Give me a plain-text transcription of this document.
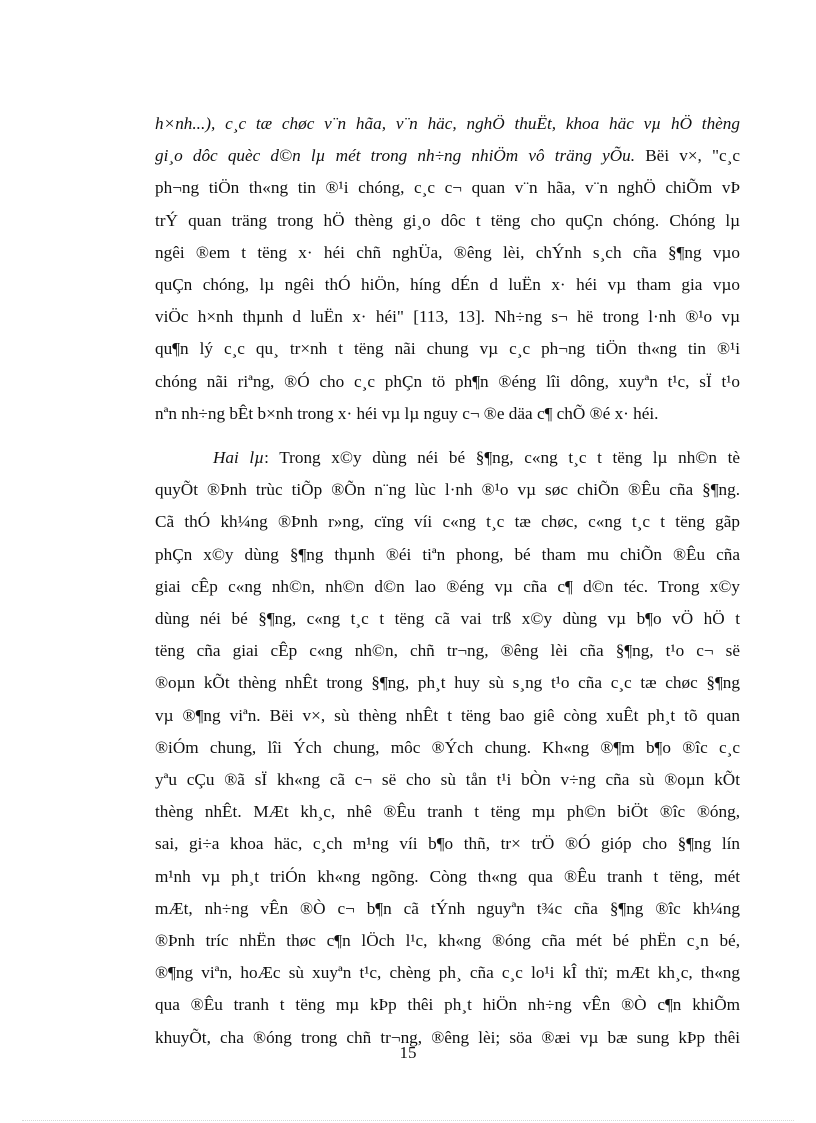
h×nh...), c¸c tæ chøc v¨n hãa, v¨n häc, nghÖ thuËt, khoa häc vµ hÖ thèng
gi¸o dôc quèc d©n lµ mét trong nh÷ng nhiÖm vô träng yÕu. Bëi v×, "c¸c
ph¬ng tiÖn th«ng tin ®¹i chóng, c¸c c¬ quan v¨n hãa, v¨n nghÖ chiÕm vÞ
trÝ quan träng trong hÖ thèng gi¸o dôc t tëng cho quÇn chóng. Chóng lµ
ngêi ®em t tëng x· héi chñ nghÜa, ®êng lèi, chÝnh s¸ch cña §¶ng vµo
quÇn chóng, lµ ngêi thÓ hiÖn, híng dÉn d luËn x· héi vµ tham gia vµo
viÖc h×nh thµnh d luËn x· héi" [113, 13]. Nh÷ng s¬ hë trong l·nh ®¹o vµ
qu¶n lý c¸c qu¸ tr×nh t tëng nãi chung vµ c¸c ph¬ng tiÖn th«ng tin ®¹i
chóng nãi riªng, ®Ó cho c¸c phÇn tö ph¶n ®éng lîi dông, xuyªn t¹c, sÏ t¹o
nªn nh÷ng bÊt b×nh trong x· héi vµ lµ nguy c¬ ®e däa c¶ chÕ ®é x· héi.

Hai lµ: Trong x©y dùng néi bé §¶ng, c«ng t¸c t tëng lµ nh©n tè
quyÕt ®Þnh trùc tiÕp ®Õn n¨ng lùc l·nh ®¹o vµ søc chiÕn ®Êu cña §¶ng.
Cã thÓ kh¼ng ®Þnh r»ng, cïng víi c«ng t¸c tæ chøc, c«ng t¸c t tëng gãp
phÇn x©y dùng §¶ng thµnh ®éi tiªn phong, bé tham mu chiÕn ®Êu cña
giai cÊp c«ng nh©n, nh©n d©n lao ®éng vµ cña c¶ d©n téc. Trong x©y
dùng néi bé §¶ng, c«ng t¸c t tëng cã vai trß x©y dùng vµ b¶o vÖ hÖ t
tëng cña giai cÊp c«ng nh©n, chñ tr¬ng, ®êng lèi cña §¶ng, t¹o c¬ së
®oµn kÕt thèng nhÊt trong §¶ng, ph¸t huy sù s¸ng t¹o cña c¸c tæ chøc §¶ng
vµ ®¶ng viªn. Bëi v×, sù thèng nhÊt t tëng bao giê còng xuÊt ph¸t tõ quan
®iÓm chung, lîi Ých chung, môc ®Ých chung. Kh«ng ®¶m b¶o ®îc c¸c
yªu cÇu ®ã sÏ kh«ng cã c¬ së cho sù tån t¹i bÒn v÷ng cña sù ®oµn kÕt
thèng nhÊt. MÆt kh¸c, nhê ®Êu tranh t tëng mµ ph©n biÖt ®îc ®óng,
sai, gi÷a khoa häc, c¸ch m¹ng víi b¶o thñ, tr× trÖ ®Ó gióp cho §¶ng lín
m¹nh vµ ph¸t triÓn kh«ng ngõng. Còng th«ng qua ®Êu tranh t tëng, mét
mÆt, nh÷ng vÊn ®Ò c¬ b¶n cã tÝnh nguyªn t¾c cña §¶ng ®îc kh¼ng
®Þnh tríc nhËn thøc c¶n lÖch l¹c, kh«ng ®óng cña mét bé phËn c¸n bé,
®¶ng viªn, hoÆc sù xuyªn t¹c, chèng ph¸ cña c¸c lo¹i kÎ thï; mÆt kh¸c, th«ng
qua ®Êu tranh t tëng mµ kÞp thêi ph¸t hiÖn nh÷ng vÊn ®Ò c¶n khiÕm
khuyÕt, cha ®óng trong chñ tr¬ng, ®êng lèi; söa ®æi vµ bæ sung kÞp thêi

15
